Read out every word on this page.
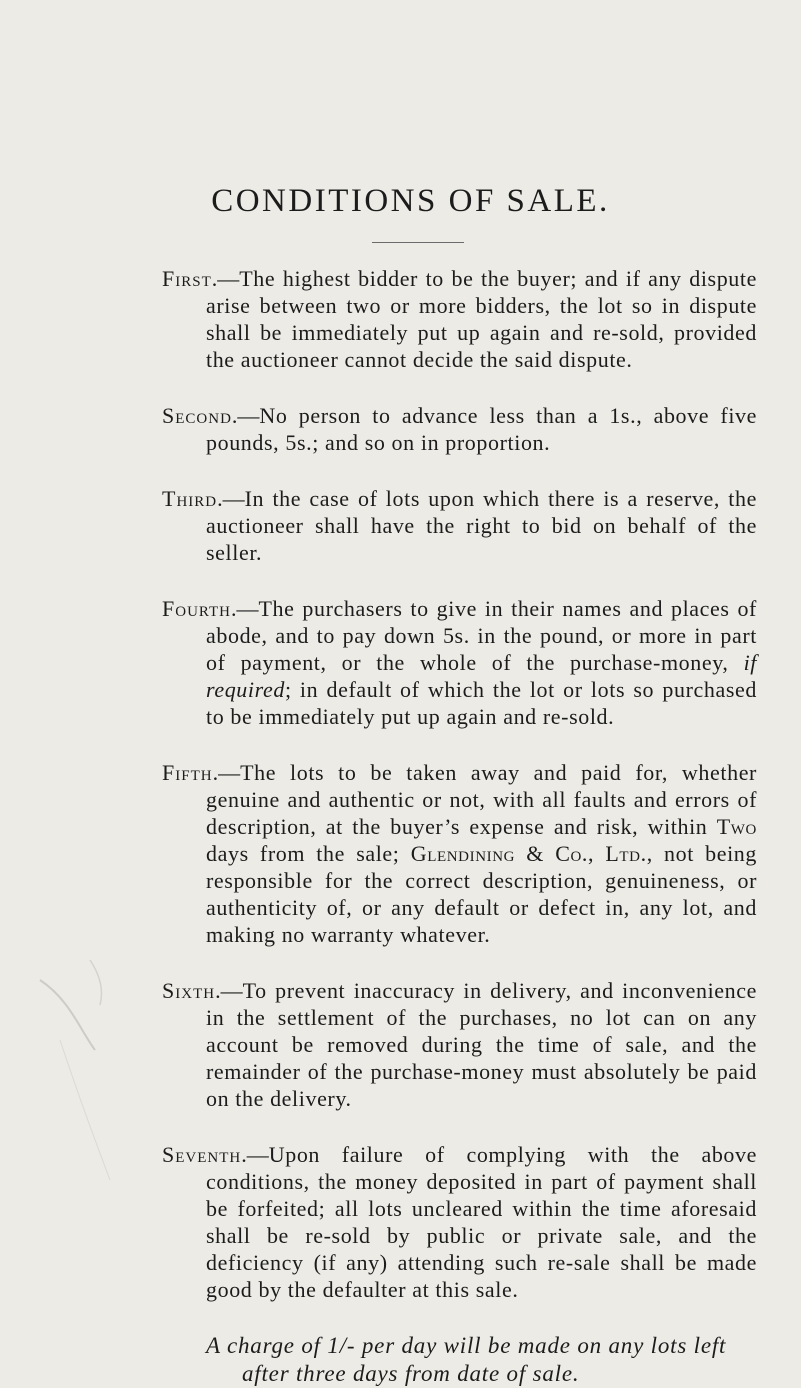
CONDITIONS OF SALE.

First.—The highest bidder to be the buyer; and if any dispute arise between two or more bidders, the lot so in dispute shall be immediately put up again and re-sold, provided the auctioneer cannot decide the said dispute.

Second.—No person to advance less than a 1s., above five pounds, 5s.; and so on in proportion.

Third.—In the case of lots upon which there is a reserve, the auctioneer shall have the right to bid on behalf of the seller.

Fourth.—The purchasers to give in their names and places of abode, and to pay down 5s. in the pound, or more in part of payment, or the whole of the purchase-money, if required; in default of which the lot or lots so purchased to be immediately put up again and re-sold.

Fifth.—The lots to be taken away and paid for, whether genuine and authentic or not, with all faults and errors of description, at the buyer’s expense and risk, within Two days from the sale; Glendining & Co., Ltd., not being responsible for the correct description, genuineness, or authenticity of, or any default or defect in, any lot, and making no warranty whatever.

Sixth.—To prevent inaccuracy in delivery, and inconvenience in the settlement of the purchases, no lot can on any account be removed during the time of sale, and the remainder of the purchase-money must absolutely be paid on the delivery.

Seventh.—Upon failure of complying with the above conditions, the money deposited in part of payment shall be forfeited; all lots uncleared within the time aforesaid shall be re-sold by public or private sale, and the deficiency (if any) attending such re-sale shall be made good by the defaulter at this sale.

A charge of 1/- per day will be made on any lots left after three days from date of sale.
